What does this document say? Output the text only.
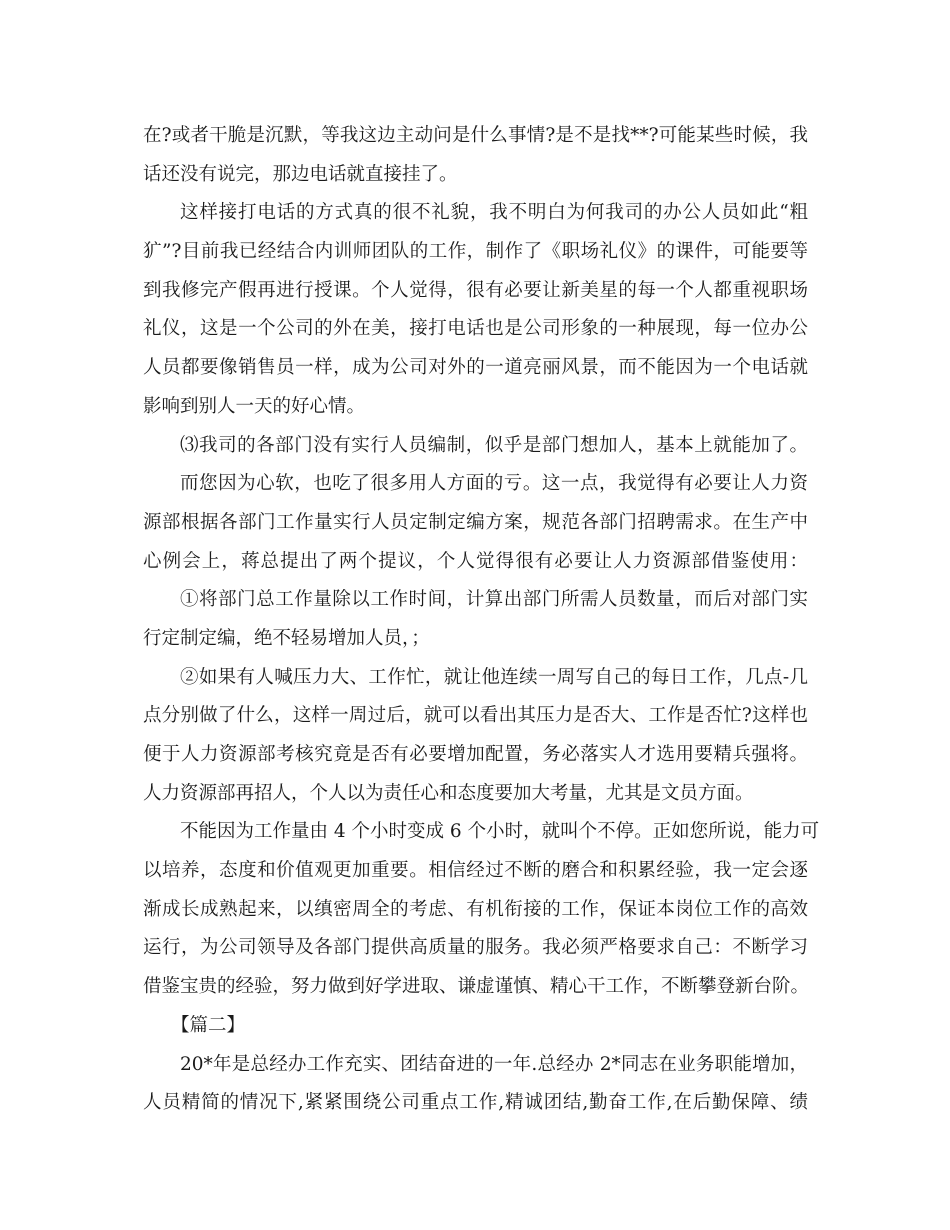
在?或者干脆是沉默，等我这边主动问是什么事情?是不是找**?可能某些时候，我
话还没有说完，那边电话就直接挂了。
这样接打电话的方式真的很不礼貌，我不明白为何我司的办公人员如此“粗
犷”?目前我已经结合内训师团队的工作，制作了《职场礼仪》的课件，可能要等
到我修完产假再进行授课。个人觉得，很有必要让新美星的每一个人都重视职场
礼仪，这是一个公司的外在美，接打电话也是公司形象的一种展现，每一位办公
人员都要像销售员一样，成为公司对外的一道亮丽风景，而不能因为一个电话就
影响到别人一天的好心情。
⑶我司的各部门没有实行人员编制，似乎是部门想加人，基本上就能加了。
而您因为心软，也吃了很多用人方面的亏。这一点，我觉得有必要让人力资
源部根据各部门工作量实行人员定制定编方案，规范各部门招聘需求。在生产中
心例会上，蒋总提出了两个提议，个人觉得很有必要让人力资源部借鉴使用：
①将部门总工作量除以工作时间，计算出部门所需人员数量，而后对部门实
行定制定编，绝不轻易增加人员，；
②如果有人喊压力大、工作忙，就让他连续一周写自己的每日工作，几点-几
点分别做了什么，这样一周过后，就可以看出其压力是否大、工作是否忙?这样也
便于人力资源部考核究竟是否有必要增加配置，务必落实人才选用要精兵强将。
人力资源部再招人，个人以为责任心和态度要加大考量，尤其是文员方面。
不能因为工作量由 4 个小时变成 6 个小时，就叫个不停。正如您所说，能力可
以培养，态度和价值观更加重要。相信经过不断的磨合和积累经验，我一定会逐
渐成长成熟起来，以缜密周全的考虑、有机衔接的工作，保证本岗位工作的高效
运行，为公司领导及各部门提供高质量的服务。我必须严格要求自己：不断学习
借鉴宝贵的经验，努力做到好学进取、谦虚谨慎、精心干工作，不断攀登新台阶。
【篇二】
20*年是总经办工作充实、团结奋进的一年.总经办 2*同志在业务职能增加，
人员精简的情况下,紧紧围绕公司重点工作,精诚团结,勤奋工作,在后勤保障、绩
